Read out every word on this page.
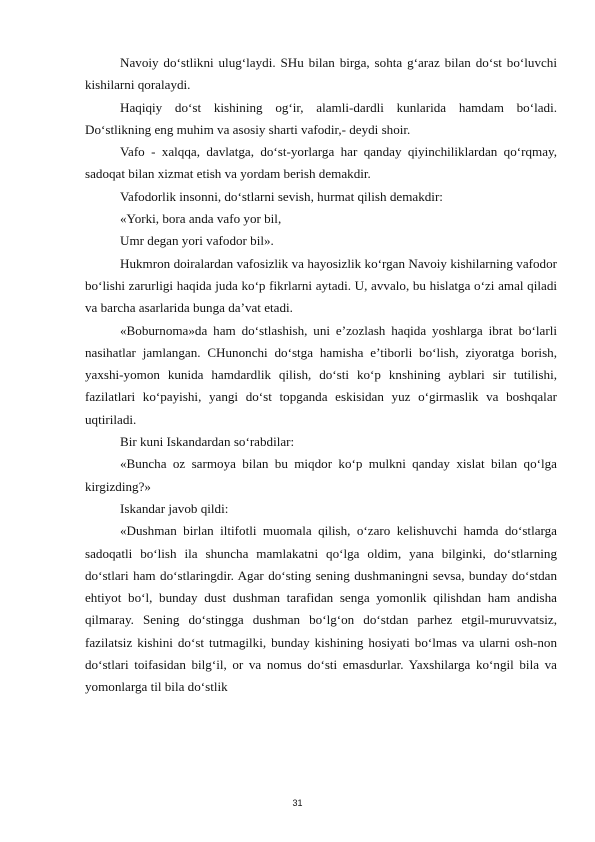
Navoiy do‘stlikni ulug‘laydi. SHu bilan birga, sohta g‘araz bilan do‘st bo‘luvchi kishilarni qoralaydi.

Haqiqiy do‘st kishining og‘ir, alamli-dardli kunlarida hamdam bo‘ladi. Do‘stlikning eng muhim va asosiy sharti vafodir,- deydi shoir.

Vafo - xalqqa, davlatga, do‘st-yorlarga har qanday qiyinchiliklardan qo‘rqmay, sadoqat bilan xizmat etish va yordam berish demakdir.

Vafodorlik insonni, do‘stlarni sevish, hurmat qilish demakdir:

«Yorki, bora anda vafo yor bil,

Umr degan yori vafodor bil».

Hukmron doiralardan vafosizlik va hayosizlik ko‘rgan Navoiy kishilarning vafodor bo‘lishi zarurligi haqida juda ko‘p fikrlarni aytadi. U, avvalo, bu hislatga o‘zi amal qiladi va barcha asarlarida bunga da’vat etadi.

«Boburnoma»da ham do‘stlashish, uni e’zozlash haqida yoshlarga ibrat bo‘larli nasihatlar jamlangan. CHunonchi do‘stga hamisha e’tiborli bo‘lish, ziyoratga borish, yaxshi-yomon kunida hamdardlik qilish, do‘sti ko‘p knshining ayblari sir tutilishi, fazilatlari ko‘payishi, yangi do‘st topganda eskisidan yuz o‘girmaslik va boshqalar uqtiriladi.

Bir kuni Iskandardan so‘rabdilar:

«Buncha oz sarmoya bilan bu miqdor ko‘p mulkni qanday xislat bilan qo‘lga kirgizding?»

Iskandar javob qildi:

«Dushman birlan iltifotli muomala qilish, o‘zaro kelishuvchi hamda do‘stlarga sadoqatli bo‘lish ila shuncha mamlakatni qo‘lga oldim, yana bilginki, do‘stlarning do‘stlari ham do‘stlaringdir. Agar do‘sting sening dushmaningni sevsa, bunday do‘stdan ehtiyot bo‘l, bunday dust dushman tarafidan senga yomonlik qilishdan ham andisha qilmaray. Sening do‘stingga dushman bo‘lg‘on do‘stdan parhez etgil-muruvvatsiz, fazilatsiz kishini do‘st tutmagilki, bunday kishining hosiyati bo‘lmas va ularni osh-non do‘stlari toifasidan bilg‘il, or va nomus do‘sti emasdurlar. Yaxshilarga ko‘ngil bila va yomonlarga til bila do‘stlik

31
